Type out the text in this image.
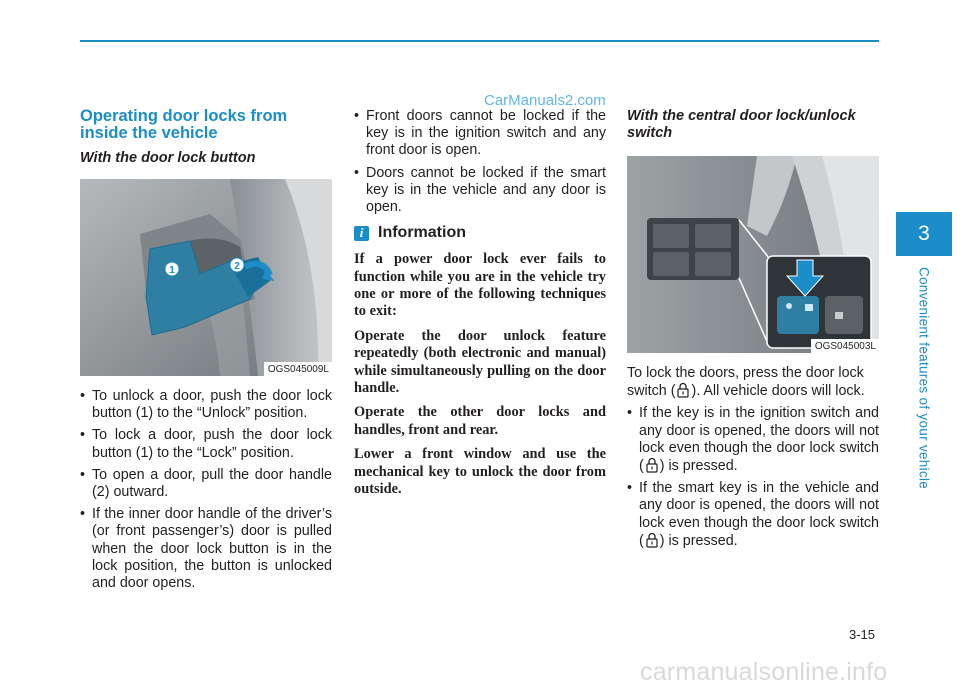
CarManuals2.com
Operating door locks from inside the vehicle
With the door lock button
1	2
OGS045009L
• To unlock a door, push the door lock button (1) to the “Unlock” position.
• To lock a door, push the door lock button (1) to the “Lock” position.
• To open a door, pull the door handle (2) outward.
• If the inner door handle of the driver’s (or front passenger’s) door is pulled when the door lock button is in the lock position, the button is unlocked and door opens.
• Front doors cannot be locked if the key is in the ignition switch and any front door is open.
• Doors cannot be locked if the smart key is in the vehicle and any door is open.
i Information

If a power door lock ever fails to function while you are in the vehicle try one or more of the following techniques to exit:

Operate the door unlock feature repeatedly (both electronic and manual) while simultaneously pulling on the door handle.

Operate the other door locks and handles, front and rear.

Lower a front window and use the mechanical key to unlock the door from outside.

With the central door lock/unlock switch
OGS045003L

To lock the doors, press the door lock switch ( ). All vehicle doors will lock.

• If the key is in the ignition switch and any door is opened, the doors will not lock even though the door lock switch ( ) is pressed.
• If the smart key is in the vehicle and any door is opened, the doors will not lock even though the door lock switch ( ) is pressed.
3
Convenient features of your vehicle
3-15
carmanualsonline.info
